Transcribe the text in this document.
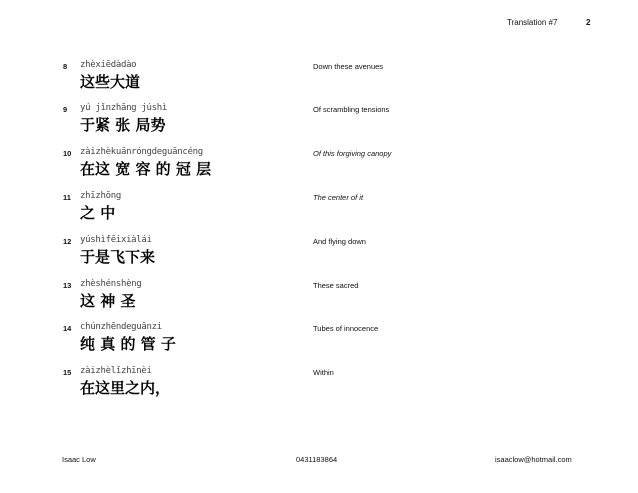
Translation #7	2
8 zhèxiēdàdào
这些大道
Down these avenues
9 yú jǐnzhāng júshì
于紧 张 局势
Of scrambling tensions
10 zàizhèkuānróngdeguāncéng
在这 宽 容 的 冠 层
Of this forgiving canopy
11 zhīzhōng
之 中
The center of it
12 yúshìfēixiàlái
于是飞下来
And flying down
13 zhèshénshèng
这 神 圣
These sacred
14 chúnzhēndeguǎnzi
纯 真 的 管 子
Tubes of innocence
15 zàizhèlǐzhīnèi
在这里之内，
Within
Isaac Low	0431183864	isaaclow@hotmail.com
